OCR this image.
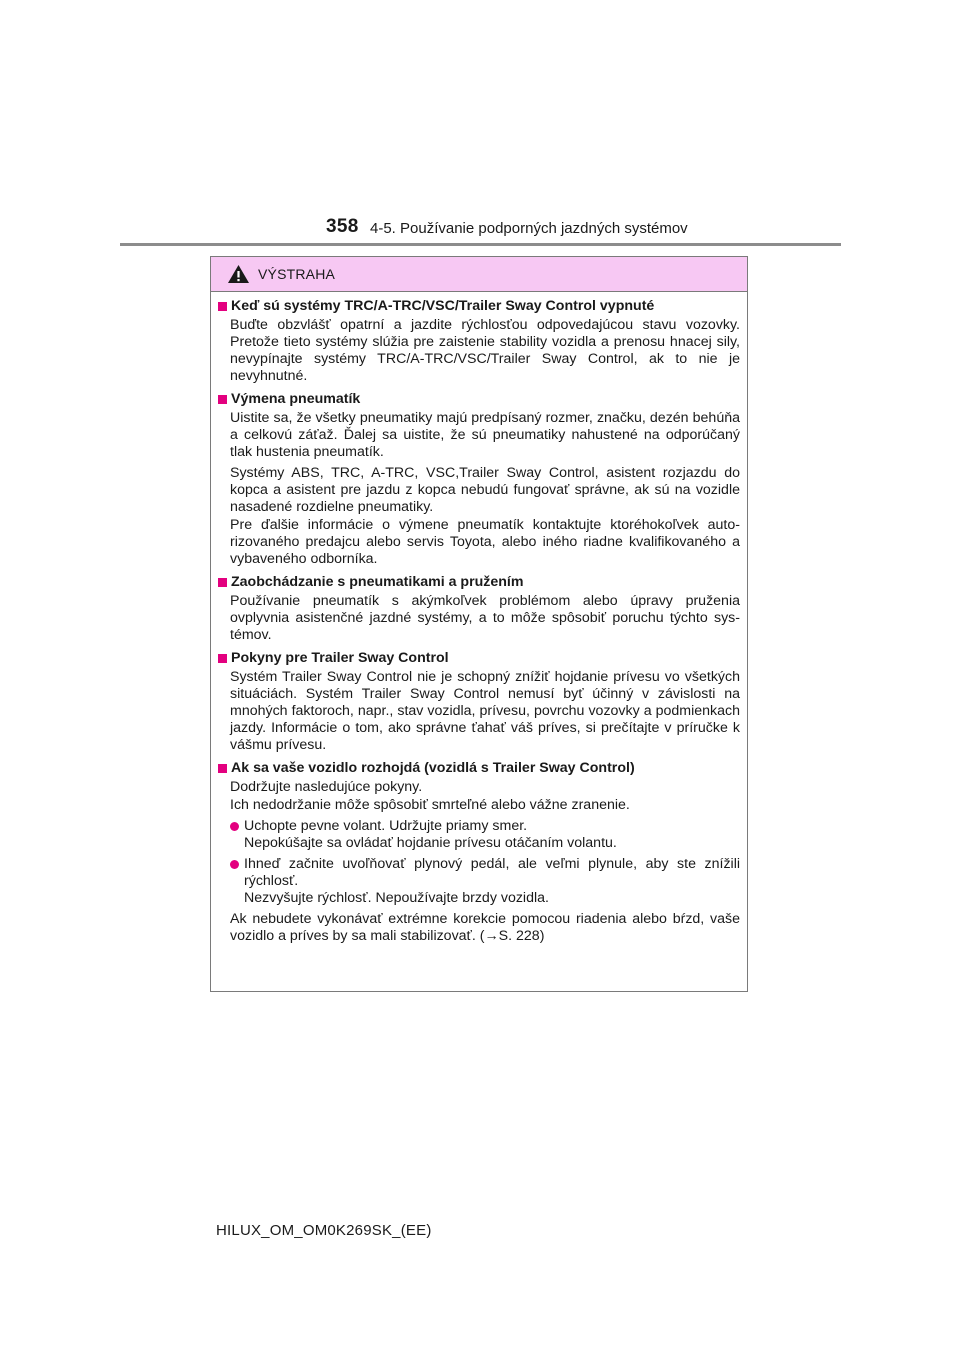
358 4-5. Používanie podporných jazdných systémov
VÝSTRAHA
Keď sú systémy TRC/A-TRC/VSC/Trailer Sway Control vypnuté
Buďte obzvlášť opatrní a jazdite rýchlosťou odpovedajúcou stavu vozovky. Pretože tieto systémy slúžia pre zaistenie stability vozidla a prenosu hnacej sily, nevypínajte systémy TRC/A-TRC/VSC/Trailer Sway Control, ak to nie je nevyhnutné.
Výmena pneumatík
Uistite sa, že všetky pneumatiky majú predpísaný rozmer, značku, dezén behúňa a celkovú záťaž. Ďalej sa uistite, že sú pneumatiky nahustené na odporúčaný tlak hustenia pneumatík.
Systémy ABS, TRC, A-TRC, VSC,Trailer Sway Control, asistent rozjazdu do kopca a asistent pre jazdu z kopca nebudú fungovať správne, ak sú na vozidle nasadené rozdielne pneumatiky.
Pre ďalšie informácie o výmene pneumatík kontaktujte ktoréhokoľvek autorizovaného predajcu alebo servis Toyota, alebo iného riadne kvalifikovaného a vybaveného odborníka.
Zaobchádzanie s pneumatikami a pružením
Používanie pneumatík s akýmkoľvek problémom alebo úpravy pruženia ovplyvnia asistenčné jazdné systémy, a to môže spôsobiť poruchu týchto systémov.
Pokyny pre Trailer Sway Control
Systém Trailer Sway Control nie je schopný znížiť hojdanie prívesu vo všetkých situáciách. Systém Trailer Sway Control nemusí byť účinný v závislosti na mnohých faktoroch, napr., stav vozidla, prívesu, povrchu vozovky a podmienkach jazdy. Informácie o tom, ako správne ťahať váš príves, si prečítajte v príručke k vášmu prívesu.
Ak sa vaše vozidlo rozhojdá (vozidlá s Trailer Sway Control)
Dodržujte nasledujúce pokyny.
Ich nedodržanie môže spôsobiť smrteľné alebo vážne zranenie.
Uchopte pevne volant. Udržujte priamy smer.
Nepokúšajte sa ovládať hojdanie prívesu otáčaním volantu.
Ihneď začnite uvoľňovať plynový pedál, ale veľmi plynule, aby ste znížili rýchlosť.
Nezvyšujte rýchlosť. Nepoužívajte brzdy vozidla.
Ak nebudete vykonávať extrémne korekcie pomocou riadenia alebo bŕzd, vaše vozidlo a príves by sa mali stabilizovať. (→S. 228)
HILUX_OM_OM0K269SK_(EE)
